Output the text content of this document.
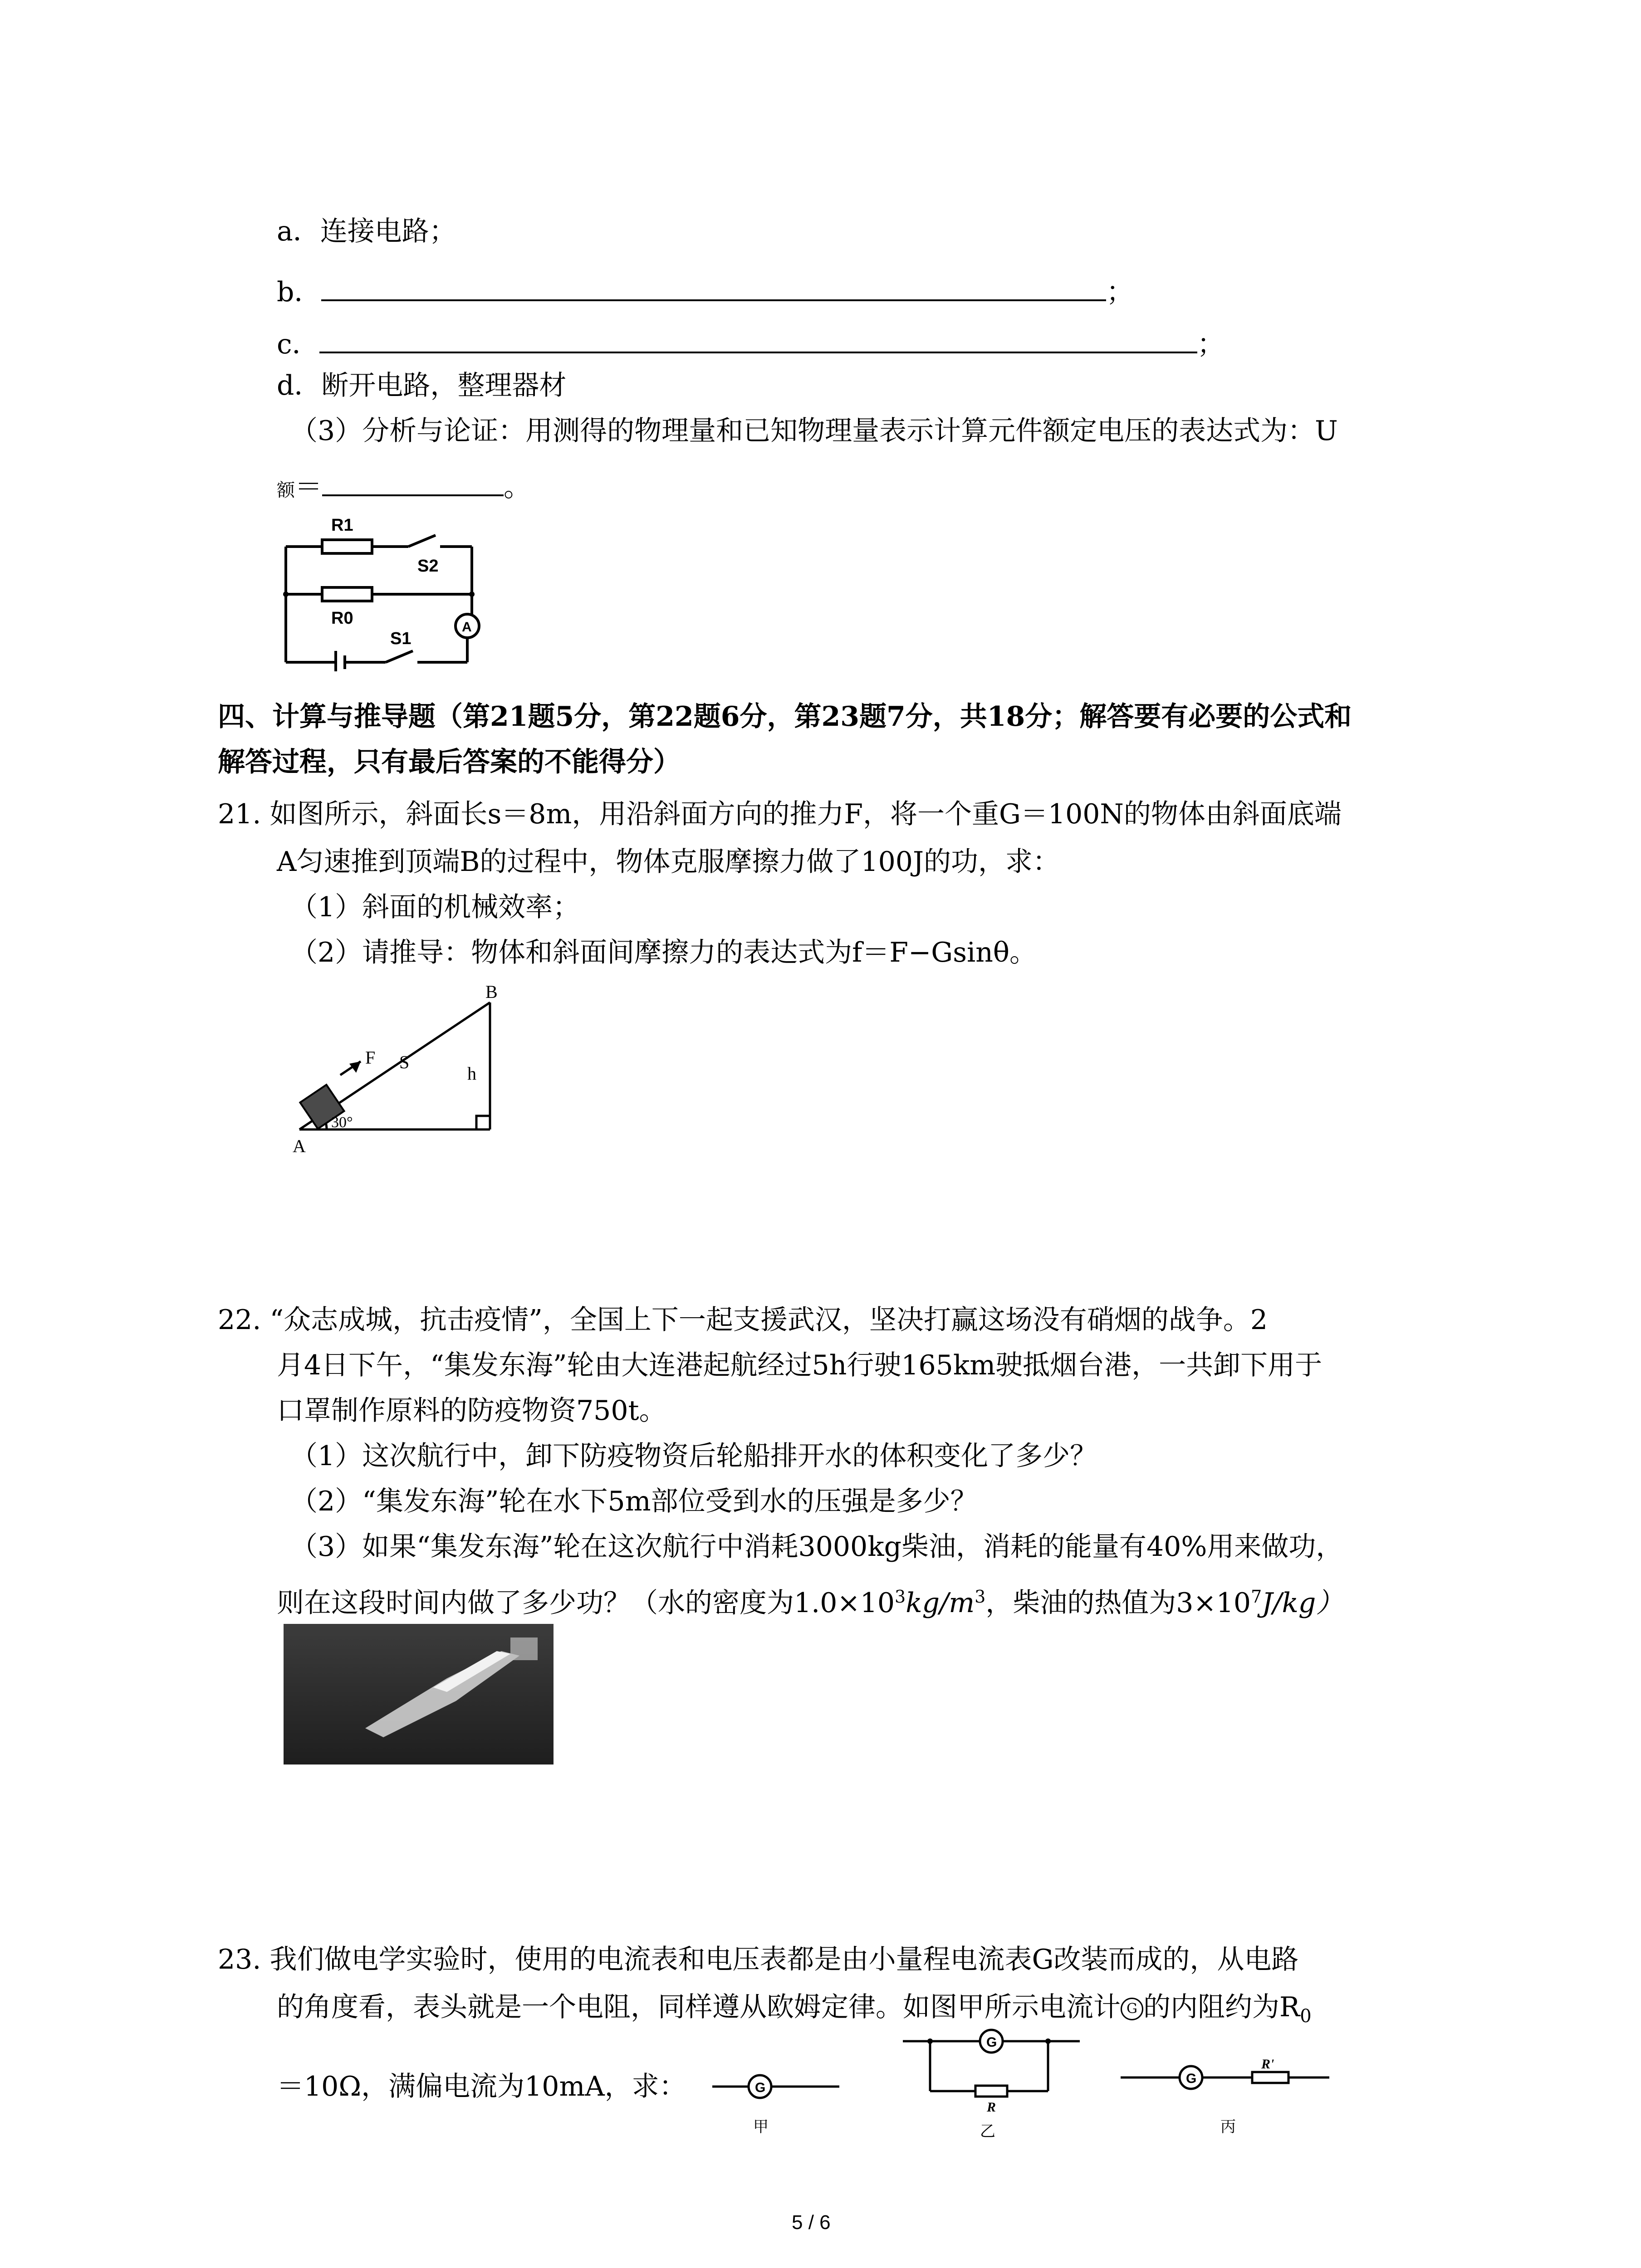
a．连接电路；
b．	；
c．	；
d．断开电路，整理器材
（3）分析与论证：用测得的物理量和已知物理量表示计算元件额定电压的表达式为：U
额＝	。
R1
S2
R0
S1
A
四、计算与推导题（第21题5分，第22题6分，第23题7分，共18分；解答要有必要的公式和
解答过程，只有最后答案的不能得分）
21. 如图所示，斜面长s＝8m，用沿斜面方向的推力F，将一个重G＝100N的物体由斜面底端
A匀速推到顶端B的过程中，物体克服摩擦力做了100J的功，求：
（1）斜面的机械效率；
（2）请推导：物体和斜面间摩擦力的表达式为f＝F−Gsinθ。
B
A
F S
h
30°
22. “众志成城，抗击疫情”，全国上下一起支援武汉，坚决打赢这场没有硝烟的战争。2
月4日下午，“集发东海”轮由大连港起航经过5h行驶165km驶抵烟台港，一共卸下用于
口罩制作原料的防疫物资750t。
（1）这次航行中，卸下防疫物资后轮船排开水的体积变化了多少？
（2）“集发东海”轮在水下5m部位受到水的压强是多少？
（3）如果“集发东海”轮在这次航行中消耗3000kg柴油，消耗的能量有40%用来做功，
则在这段时间内做了多少功？（水的密度为$1.0\times 10^3kg/m^3$，柴油的热值为$3\times 10^7J/kg$）
23. 我们做电学实验时，使用的电流表和电压表都是由小量程电流表G改装而成的，从电路
的角度看，表头就是一个电阻，同样遵从欧姆定律。如图甲所示电流计 G 的内阻约为$R_0$
＝10Ω，满偏电流为10mA，求：	G
甲
G
R
乙
G
R'
丙
5 / 6
